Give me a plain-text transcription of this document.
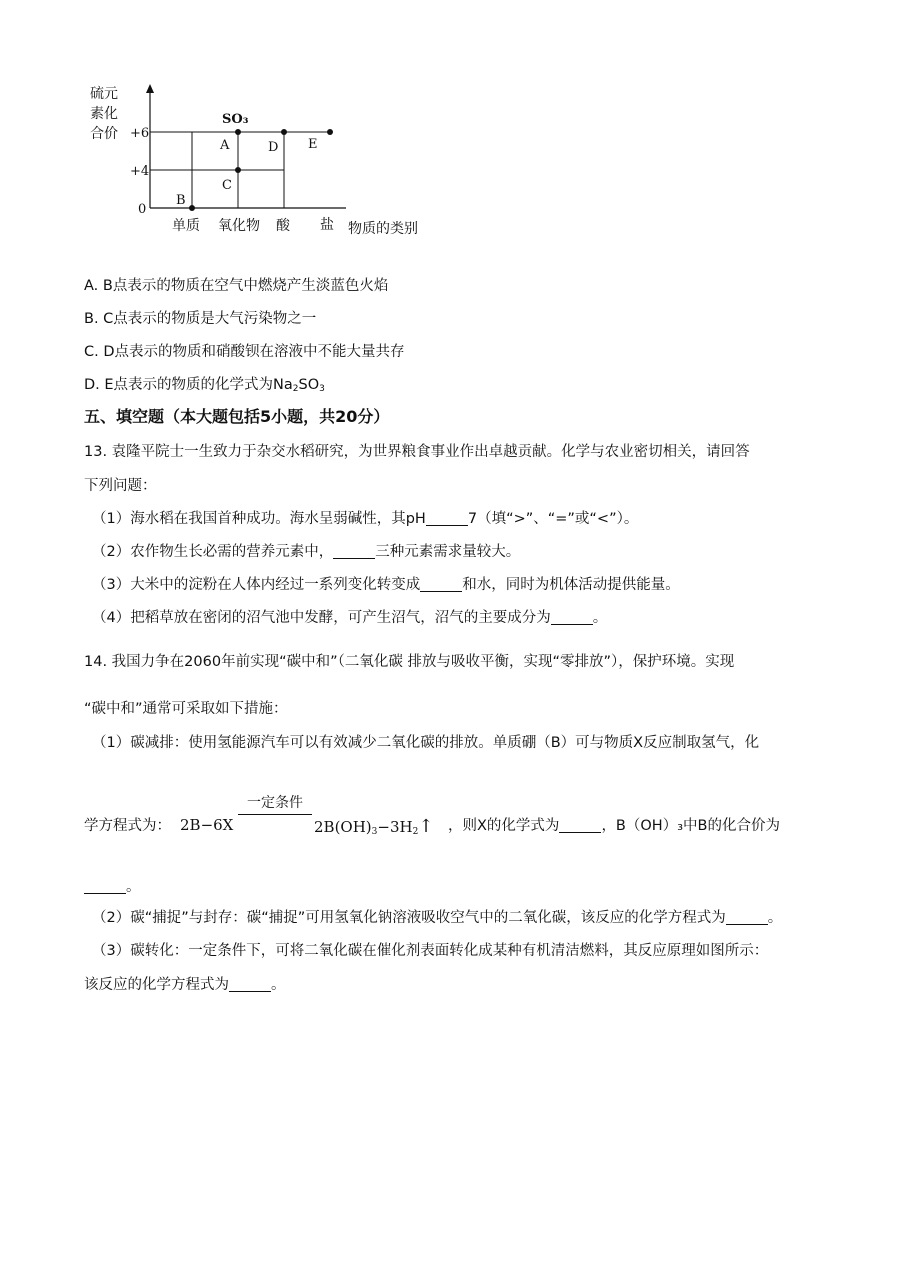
硫元
素化
合价 +6
+4
0
B
C
A	D E
SO₃
单质 氧化物 酸 盐 物质的类别
A. B点表示的物质在空气中燃烧产生淡蓝色火焰
B. C点表示的物质是大气污染物之一
C. D点表示的物质和硝酸钡在溶液中不能大量共存
D. E点表示的物质的化学式为$Na_2SO_3$
五、填空题（本大题包括5小题，共20分）
13. 袁隆平院士一生致力于杂交水稻研究，为世界粮食事业作出卓越贡献。化学与农业密切相关，请回答
下列问题：
（1）海水稻在我国首种成功。海水呈弱碱性，其pH	7（填“>”、“=”或“<”）。
（2）农作物生长必需的营养元素中，	三种元素需求量较大。
（3）大米中的淀粉在人体内经过一系列变化转变成	和水，同时为机体活动提供能量。
（4）把稻草放在密闭的沼气池中发酵，可产生沼气，沼气的主要成分为	。
14. 我国力争在2060年前实现“碳中和”（二氧化碳 排放与吸收平衡，实现“零排放”），保护环境。实现
“碳中和”通常可采取如下措施：
（1）碳减排：使用氢能源汽车可以有效减少二氧化碳的排放。单质硼（B）可与物质X反应制取氢气，化
学方程式为： 2B−6X
一定条件
$2B(OH)_3-3H_2↑$ ，则X的化学式为	，B（OH）₃中B的化合价为
。
（2）碳“捕捉”与封存：碳“捕捉”可用氢氧化钠溶液吸收空气中的二氧化碳，该反应的化学方程式为	。
（3）碳转化：一定条件下，可将二氧化碳在催化剂表面转化成某种有机清洁燃料，其反应原理如图所示：
该反应的化学方程式为	。
